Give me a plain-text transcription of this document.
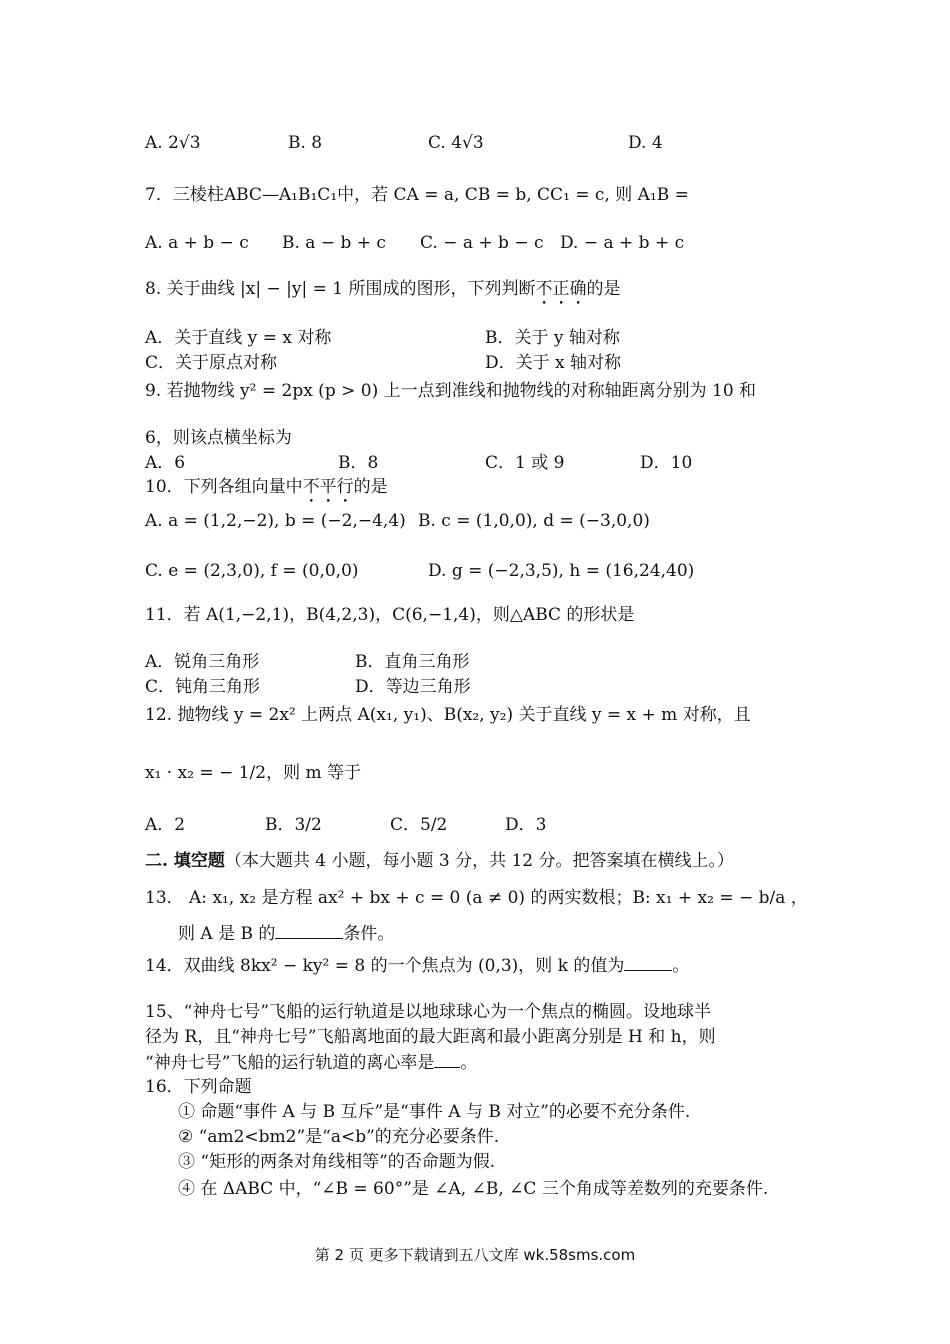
A. 2√3	B. 8	C. 4√3	D. 4
7．三棱柱ABC—A₁B₁C₁中，若 CA = a, CB = b, CC₁ = c, 则 A₁B =
A. a + b − c B. a − b + c C. − a + b − c D. − a + b + c
8. 关于曲线 |x| − |y| = 1 所围成的图形，下列判断不正确的是
A．关于直线 y = x 对称	B．关于 y 轴对称
C．关于原点对称	D．关于 x 轴对称
9. 若抛物线 y² = 2px (p > 0) 上一点到准线和抛物线的对称轴距离分别为 10 和
6，则该点横坐标为
A．6	B．8	C．1 或 9	D．10
10．下列各组向量中不平行的是
A. a = (1,2,−2), b = (−2,−4,4) B. c = (1,0,0), d = (−3,0,0)
C. e = (2,3,0), f = (0,0,0)	D. g = (−2,3,5), h = (16,24,40)
11．若 A(1,−2,1)，B(4,2,3)，C(6,−1,4)，则△ABC 的形状是
A．锐角三角形	B．直角三角形
C．钝角三角形	D．等边三角形
12. 抛物线 y = 2x² 上两点 A(x₁, y₁)、B(x₂, y₂) 关于直线 y = x + m 对称，且
x₁ · x₂ = − 1/2，则 m 等于
A．2	B．3/2	C．5/2	D．3
二. 填空题（本大题共 4 小题，每小题 3 分，共 12 分。把答案填在横线上。）
13． A: x₁, x₂ 是方程 ax² + bx + c = 0 (a ≠ 0) 的两实数根；B: x₁ + x₂ = − b/a ，
则 A 是 B 的	条件。
14．双曲线 8kx² − ky² = 8 的一个焦点为 (0,3)，则 k 的值为	。
15、“神舟七号”飞船的运行轨道是以地球球心为一个焦点的椭圆。设地球半
径为 R，且“神舟七号”飞船离地面的最大距离和最小距离分别是 H 和 h，则
“神舟七号”飞船的运行轨道的离心率是 。
16．下列命题
① 命题“事件 A 与 B 互斥”是“事件 A 与 B 对立”的必要不充分条件.
② “am2<bm2”是“a<b”的充分必要条件.
③ “矩形的两条对角线相等”的否命题为假.
④ 在 ΔABC 中，“∠B = 60°”是 ∠A, ∠B, ∠C 三个角成等差数列的充要条件.
第 2 页 更多下载请到五八文库 wk.58sms.com
